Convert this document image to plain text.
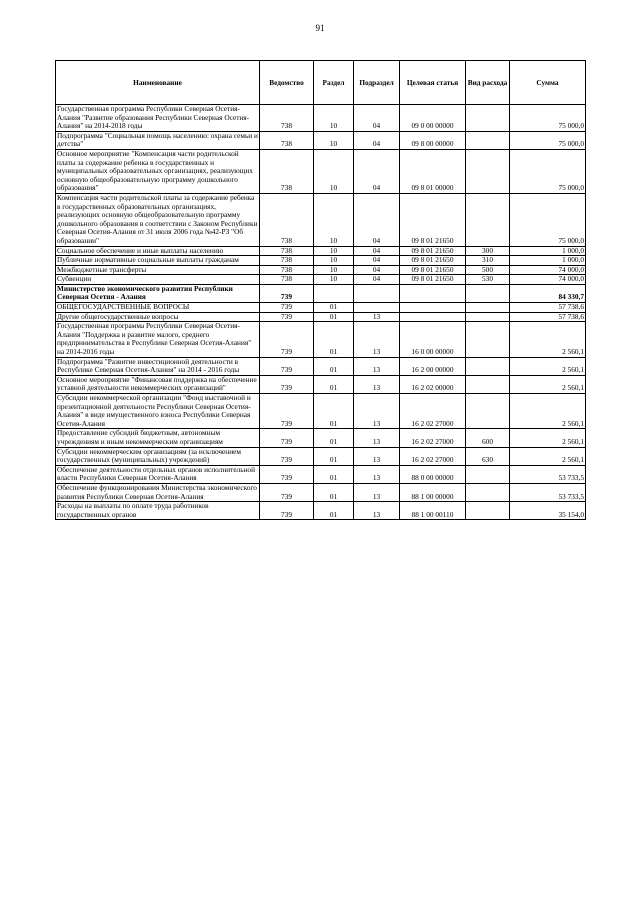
91
Наименование	Ведомство	Раздел	Подраздел	Целевая статья	Вид расхода	Сумма
Государственная программа Республики Северная Осетия-Алания "Развитие образования Республики Северная Осетия-Алания" на 2014-2018 годы	738	10	04	09 0 00 00000		75 000,0
Подпрограмма "Социальная помощь населению: охрана семьи и детства"	738	10	04	09 8 00 00000		75 000,0
Основное мероприятие "Компенсация части родительской платы за содержание ребенка в государственных и муниципальных образовательных организациях, реализующих основную общеобразовательную программу дошкольного образования"	738	10	04	09 8 01 00000		75 000,0
Компенсация части родительской платы за содержание ребенка в государственных образовательных организациях, реализующих основную общеобразовательную программу дошкольного образования в соответствии с Законом Республики Северная Осетия-Алания от 31 июля 2006 года №42-РЗ "Об образовании"	738	10	04	09 8 01 21650		75 000,0
Социальное обеспечение и иные выплаты населению	738	10	04	09 8 01 21650	300	1 000,0
Публичные нормативные социальные выплаты гражданам	738	10	04	09 8 01 21650	310	1 000,0
Межбюджетные трансферты	738	10	04	09 8 01 21650	500	74 000,0
Субвенции	738	10	04	09 8 01 21650	530	74 000,0
Министерство экономического развития Республики Северная Осетия - Алания	739					84 330,7
ОБЩЕГОСУДАРСТВЕННЫЕ ВОПРОСЫ	739	01				57 738,6
Другие общегосударственные вопросы	739	01	13			57 738,6
Государственная программа Республики Северная Осетия-Алания "Поддержка и развитие малого, среднего предпринимательства в Республике Северная Осетия-Алания" на 2014-2016 годы	739	01	13	16 0 00 00000		2 560,1
Подпрограмма "Развитие инвестиционной деятельности в Республике Северная Осетия-Алания" на 2014 - 2016 годы	739	01	13	16 2 00 00000		2 560,1
Основное мероприятие "Финансовая поддержка на обеспечение уставной деятельности некоммерческих организаций"	739	01	13	16 2 02 00000		2 560,1
Субсидии некоммерческой организации "Фонд выставочной и презентационной деятельности Республики Северная Осетия-Алания" в виде имущественного взноса Республики Северная Осетия-Алания	739	01	13	16 2 02 27000		2 560,1
Предоставление субсидий бюджетным, автономным учреждениям и иным некоммерческим организациям	739	01	13	16 2 02 27000	600	2 560,1
Субсидии некоммерческим организациям (за исключением государственных (муниципальных) учреждений)	739	01	13	16 2 02 27000	630	2 560,1
Обеспечение деятельности отдельных органов исполнительной власти Республики Северная Осетия-Алания	739	01	13	88 0 00 00000		53 733,5
Обеспечение функционирования Министерства экономического развития Республики Северная Осетия-Алания	739	01	13	88 1 00 00000		53 733,5
Расходы на выплаты по оплате труда работников государственных органов	739	01	13	88 1 00 00110		35 154,0
